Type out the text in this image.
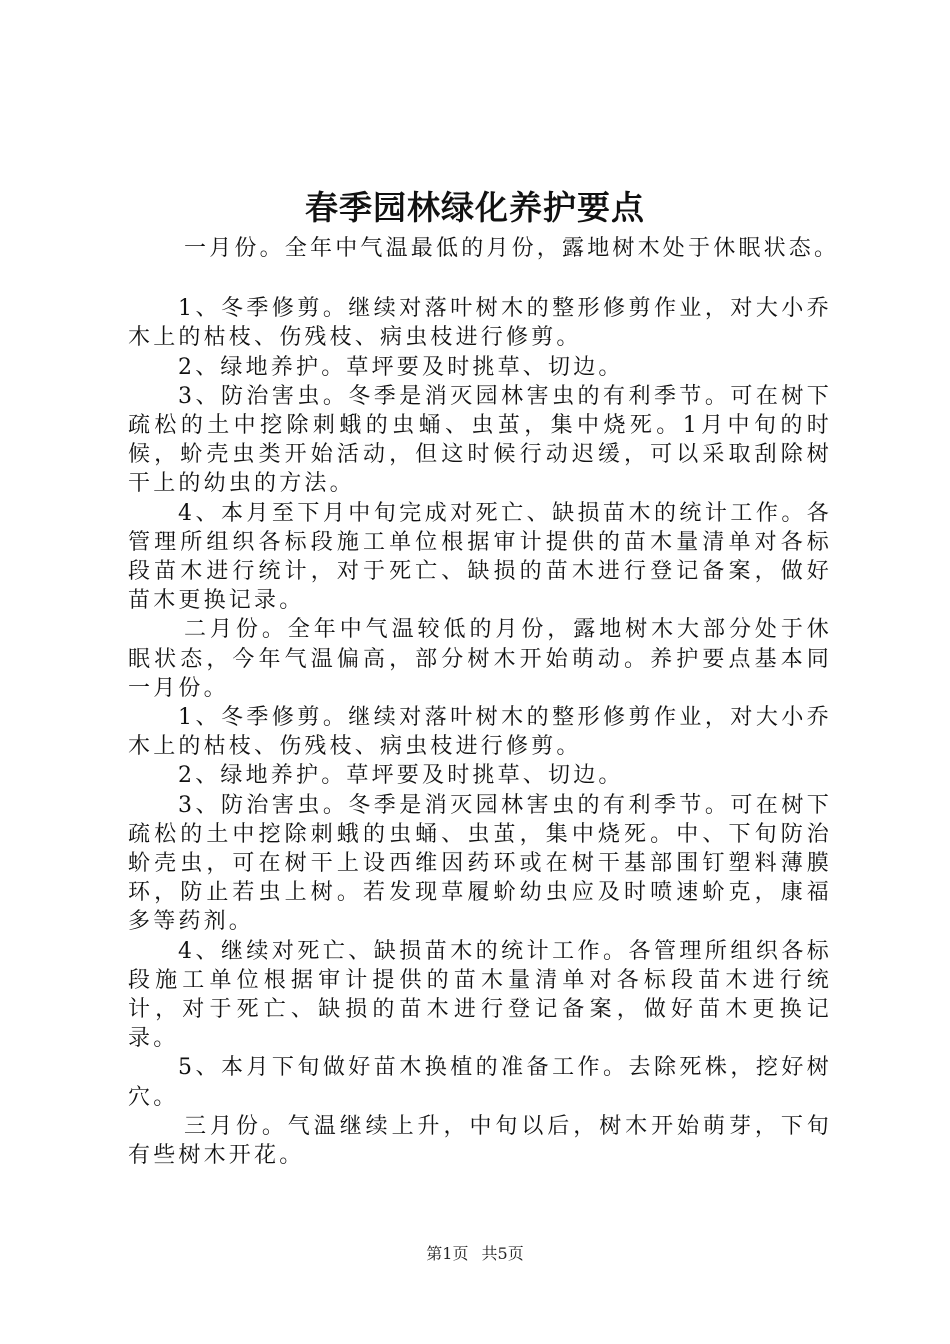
春季园林绿化养护要点

一月份。全年中气温最低的月份，露地树木处于休眠状态。

1、冬季修剪。继续对落叶树木的整形修剪作业，对大小乔木上的枯枝、伤残枝、病虫枝进行修剪。

2、绿地养护。草坪要及时挑草、切边。

3、防治害虫。冬季是消灭园林害虫的有利季节。可在树下疏松的土中挖除刺蛾的虫蛹、虫茧，集中烧死。1月中旬的时候，蚧壳虫类开始活动，但这时候行动迟缓，可以采取刮除树干上的幼虫的方法。

4、本月至下月中旬完成对死亡、缺损苗木的统计工作。各管理所组织各标段施工单位根据审计提供的苗木量清单对各标段苗木进行统计，对于死亡、缺损的苗木进行登记备案，做好苗木更换记录。

二月份。全年中气温较低的月份，露地树木大部分处于休眠状态，今年气温偏高，部分树木开始萌动。养护要点基本同一月份。

1、冬季修剪。继续对落叶树木的整形修剪作业，对大小乔木上的枯枝、伤残枝、病虫枝进行修剪。

2、绿地养护。草坪要及时挑草、切边。

3、防治害虫。冬季是消灭园林害虫的有利季节。可在树下疏松的土中挖除刺蛾的虫蛹、虫茧，集中烧死。中、下旬防治蚧壳虫，可在树干上设西维因药环或在树干基部围钉塑料薄膜环，防止若虫上树。若发现草履蚧幼虫应及时喷速蚧克，康福多等药剂。

4、继续对死亡、缺损苗木的统计工作。各管理所组织各标段施工单位根据审计提供的苗木量清单对各标段苗木进行统计，对于死亡、缺损的苗木进行登记备案，做好苗木更换记录。

5、本月下旬做好苗木换植的准备工作。去除死株，挖好树穴。

三月份。气温继续上升，中旬以后，树木开始萌芽，下旬有些树木开花。

第1页 共5页
